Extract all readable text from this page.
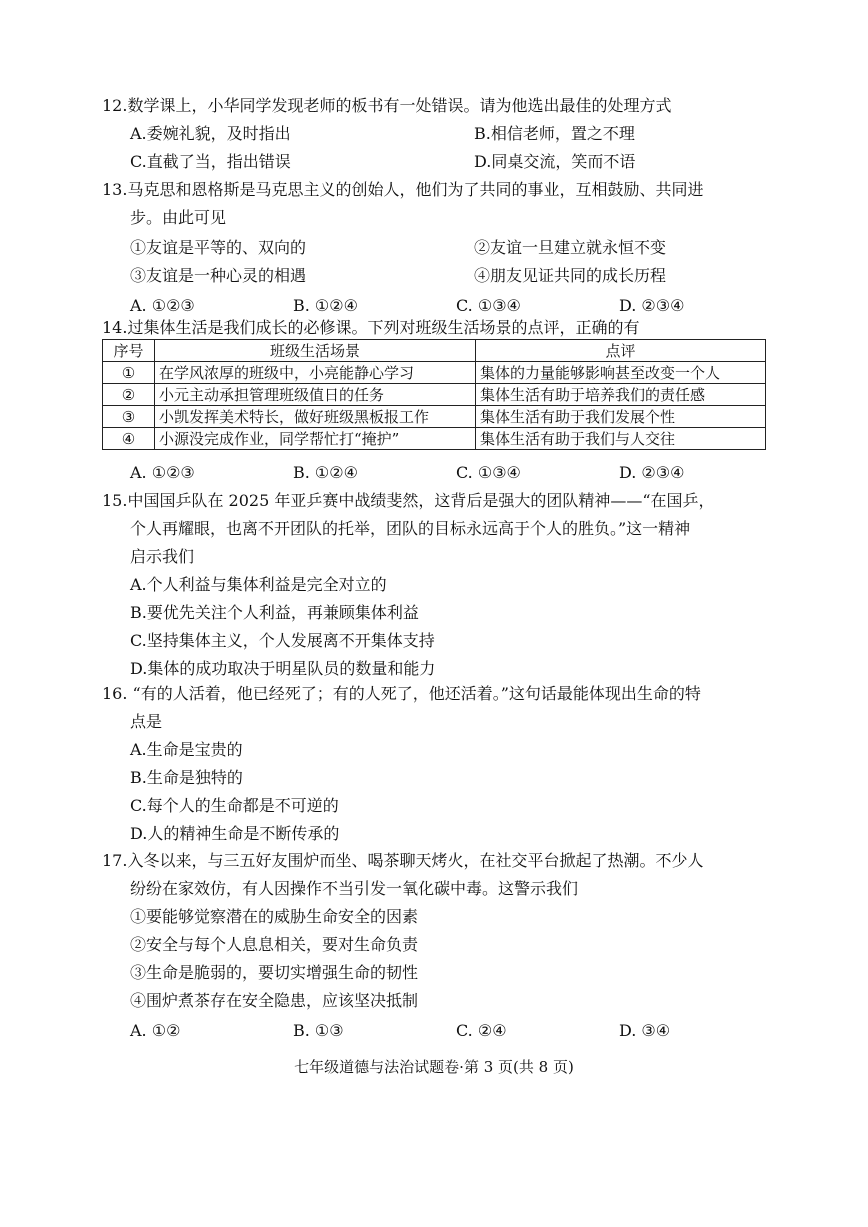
12.数学课上，小华同学发现老师的板书有一处错误。请为他选出最佳的处理方式

A.委婉礼貌，及时指出	B.相信老师，置之不理
C.直截了当，指出错误	D.同桌交流，笑而不语

13.马克思和恩格斯是马克思主义的创始人，他们为了共同的事业，互相鼓励、共同进

步。由此可见
①友谊是平等的、双向的	②友谊一旦建立就永恒不变
③友谊是一种心灵的相遇	④朋友见证共同的成长历程
A. ①②③	B. ①②④	C. ①③④	D. ②③④

14.过集体生活是我们成长的必修课。下列对班级生活场景的点评，正确的有

序号	班级生活场景	点评
①	在学风浓厚的班级中，小亮能静心学习	集体的力量能够影响甚至改变一个人
②	小元主动承担管理班级值日的任务	集体生活有助于培养我们的责任感
③	小凯发挥美术特长，做好班级黑板报工作	集体生活有助于我们发展个性
④	小源没完成作业，同学帮忙打“掩护”	集体生活有助于我们与人交往
A. ①②③	B. ①②④	C. ①③④	D. ②③④

15.中国国乒队在 2025 年亚乒赛中战绩斐然，这背后是强大的团队精神——“在国乒，

个人再耀眼，也离不开团队的托举，团队的目标永远高于个人的胜负。”这一精神
启示我们
A.个人利益与集体利益是完全对立的
B.要优先关注个人利益，再兼顾集体利益
C.坚持集体主义，个人发展离不开集体支持
D.集体的成功取决于明星队员的数量和能力

16. “有的人活着，他已经死了；有的人死了，他还活着。”这句话最能体现出生命的特

点是
A.生命是宝贵的
B.生命是独特的
C.每个人的生命都是不可逆的
D.人的精神生命是不断传承的

17.入冬以来，与三五好友围炉而坐、喝茶聊天烤火，在社交平台掀起了热潮。不少人

纷纷在家效仿，有人因操作不当引发一氧化碳中毒。这警示我们
①要能够觉察潜在的威胁生命安全的因素
②安全与每个人息息相关，要对生命负责
③生命是脆弱的，要切实增强生命的韧性
④围炉煮茶存在安全隐患，应该坚决抵制
A. ①②	B. ①③	C. ②④	D. ③④
七年级道德与法治试题卷·第 3 页(共 8 页)
